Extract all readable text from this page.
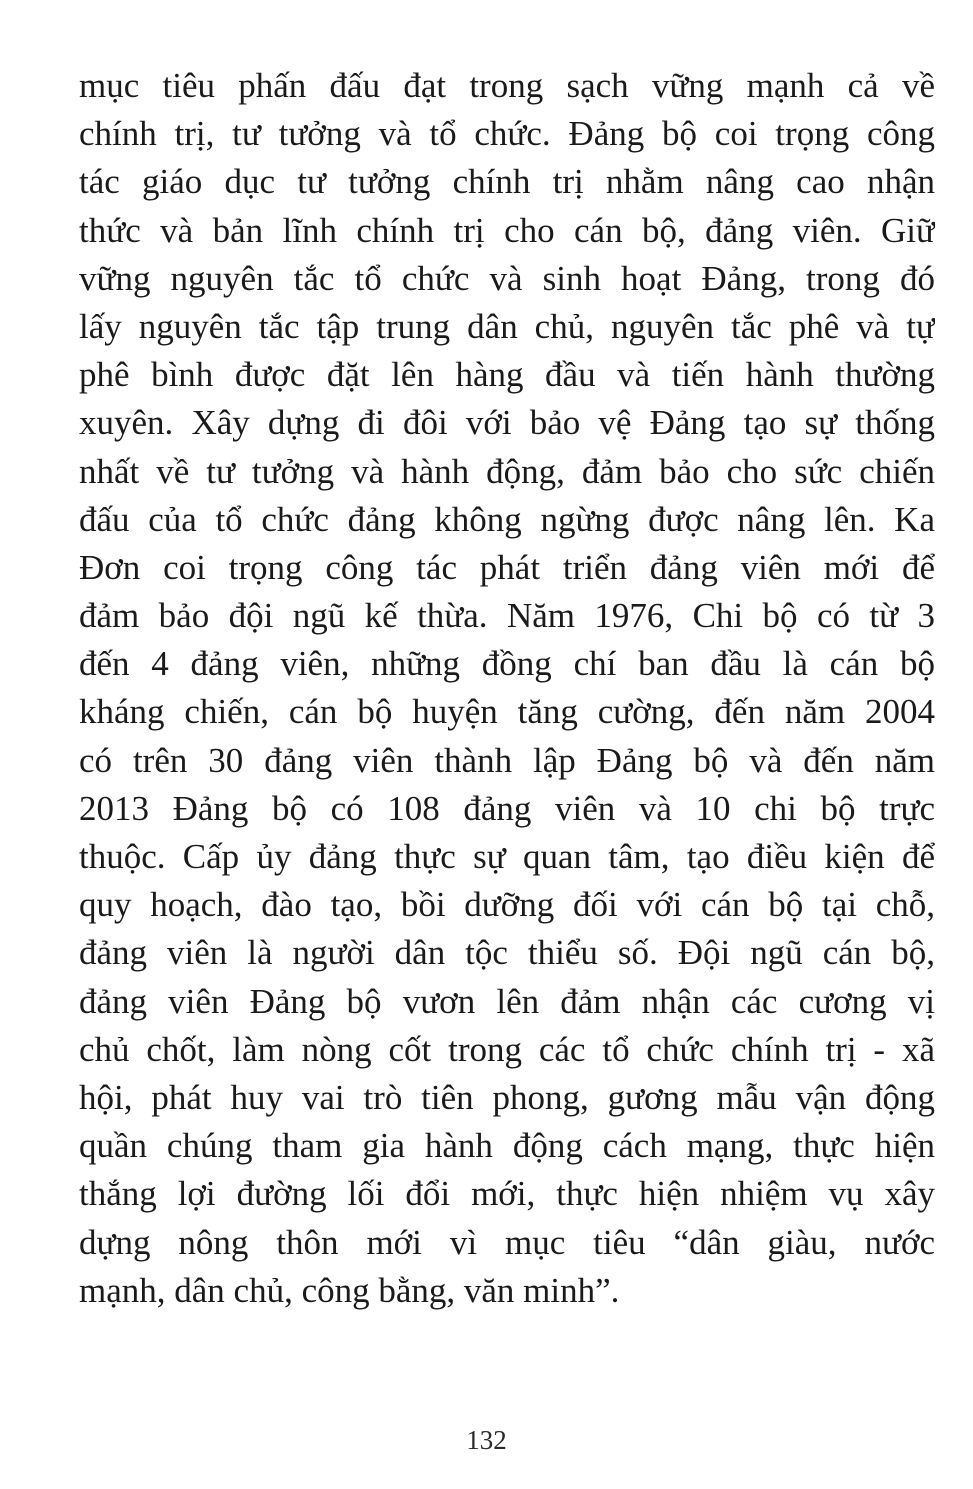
mục tiêu phấn đấu đạt trong sạch vững mạnh cả về
chính trị, tư tưởng và tổ chức. Đảng bộ coi trọng công
tác giáo dục tư tưởng chính trị nhằm nâng cao nhận
thức và bản lĩnh chính trị cho cán bộ, đảng viên. Giữ
vững nguyên tắc tổ chức và sinh hoạt Đảng, trong đó
lấy nguyên tắc tập trung dân chủ, nguyên tắc phê và tự
phê bình được đặt lên hàng đầu và tiến hành thường
xuyên. Xây dựng đi đôi với bảo vệ Đảng tạo sự thống
nhất về tư tưởng và hành động, đảm bảo cho sức chiến
đấu của tổ chức đảng không ngừng được nâng lên. Ka
Đơn coi trọng công tác phát triển đảng viên mới để
đảm bảo đội ngũ kế thừa. Năm 1976, Chi bộ có từ 3
đến 4 đảng viên, những đồng chí ban đầu là cán bộ
kháng chiến, cán bộ huyện tăng cường, đến năm 2004
có trên 30 đảng viên thành lập Đảng bộ và đến năm
2013 Đảng bộ có 108 đảng viên và 10 chi bộ trực
thuộc. Cấp ủy đảng thực sự quan tâm, tạo điều kiện để
quy hoạch, đào tạo, bồi dưỡng đối với cán bộ tại chỗ,
đảng viên là người dân tộc thiểu số. Đội ngũ cán bộ,
đảng viên Đảng bộ vươn lên đảm nhận các cương vị
chủ chốt, làm nòng cốt trong các tổ chức chính trị - xã
hội, phát huy vai trò tiên phong, gương mẫu vận động
quần chúng tham gia hành động cách mạng, thực hiện
thắng lợi đường lối đổi mới, thực hiện nhiệm vụ xây
dựng nông thôn mới vì mục tiêu “dân giàu, nước
mạnh, dân chủ, công bằng, văn minh”.
132
